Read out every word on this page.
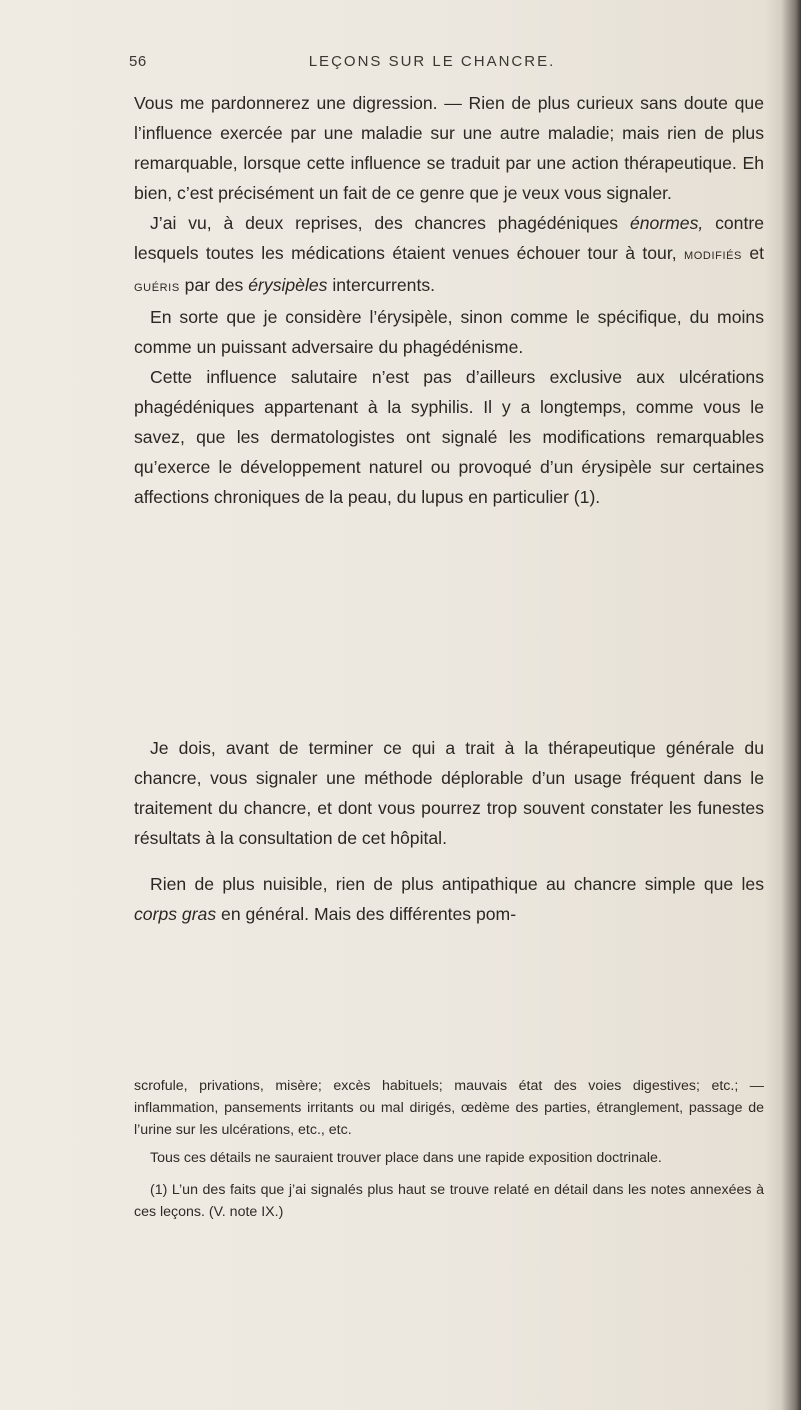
56	LEÇONS SUR LE CHANCRE.

Vous me pardonnerez une digression. — Rien de plus curieux sans doute que l’influence exercée par une maladie sur une autre maladie; mais rien de plus remarquable, lorsque cette influence se traduit par une action thérapeutique. Eh bien, c’est précisément un fait de ce genre que je veux vous signaler.

J’ai vu, à deux reprises, des chancres phagédéniques énormes, contre lesquels toutes les médications étaient venues échouer tour à tour, modifiés et guéris par des érysipèles intercurrents.

En sorte que je considère l’érysipèle, sinon comme le spécifique, du moins comme un puissant adversaire du phagédénisme.

Cette influence salutaire n’est pas d’ailleurs exclusive aux ulcérations phagédéniques appartenant à la syphilis. Il y a longtemps, comme vous le savez, que les dermatologistes ont signalé les modifications remarquables qu’exerce le développement naturel ou provoqué d’un érysipèle sur certaines affections chroniques de la peau, du lupus en particulier (1).

Je dois, avant de terminer ce qui a trait à la thérapeutique générale du chancre, vous signaler une méthode déplorable d’un usage fréquent dans le traitement du chancre, et dont vous pourrez trop souvent constater les funestes résultats à la consultation de cet hôpital.

Rien de plus nuisible, rien de plus antipathique au chancre simple que les corps gras en général. Mais des différentes pom-

scrofule, privations, misère; excès habituels; mauvais état des voies digestives; etc.; — inflammation, pansements irritants ou mal dirigés, œdème des parties, étranglement, passage de l’urine sur les ulcérations, etc., etc.

Tous ces détails ne sauraient trouver place dans une rapide exposition doctrinale.

(1) L’un des faits que j’ai signalés plus haut se trouve relaté en détail dans les notes annexées à ces leçons. (V. note IX.)
